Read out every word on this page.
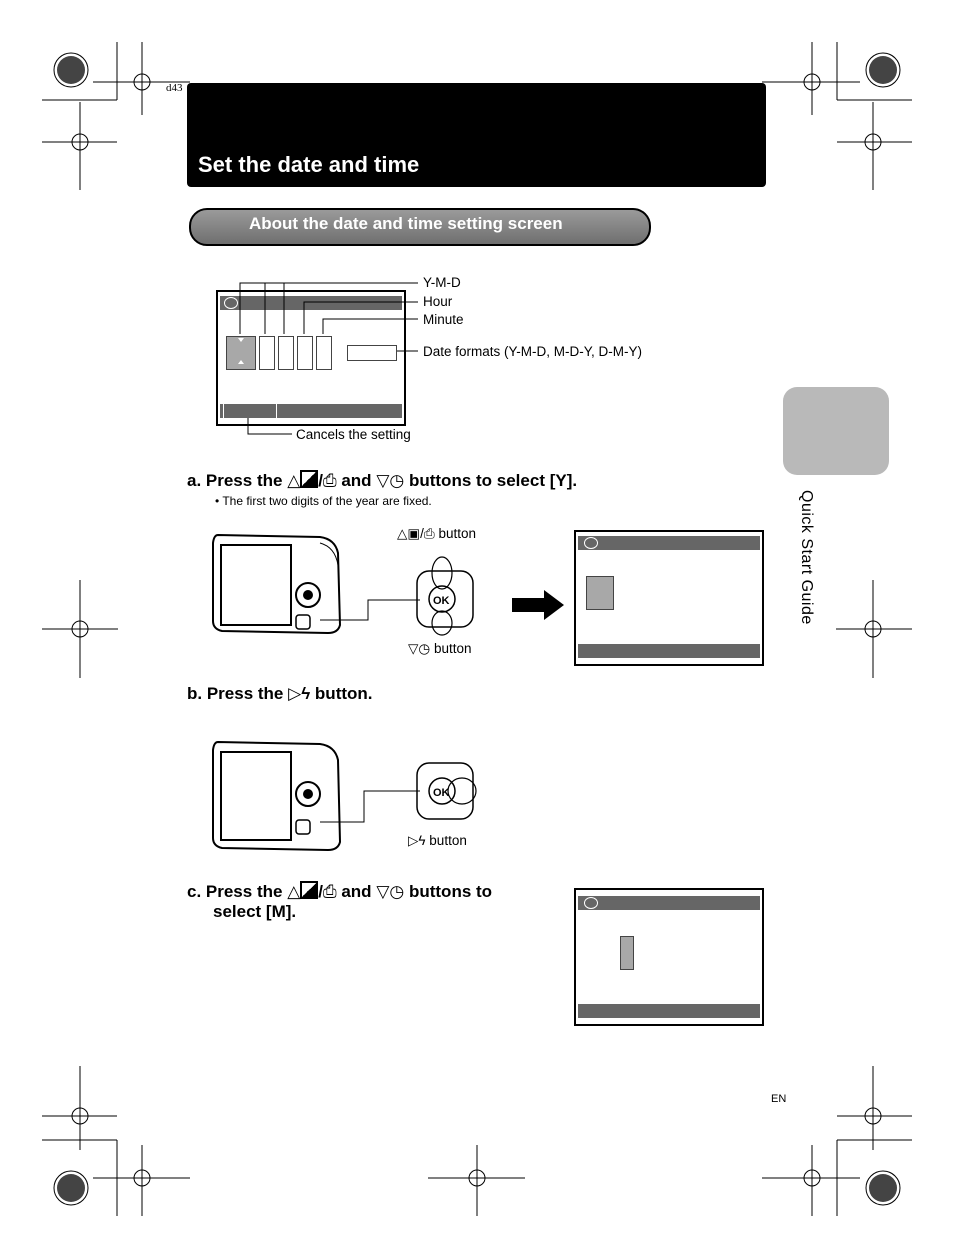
d43
Set the date and time
About the date and time setting screen
Y-M-D
Hour
Minute
Date formats (Y-M-D, M-D-Y, D-M-Y)
Cancels the setting
Quick Start Guide
a. Press the △ /⎙ and ▽◷ buttons to select [Y].
• The first two digits of the year are fixed.
OK
△▣/⎙ button
▽◷ button
b. Press the ▷ϟ button.
OK
▷ϟ button
c. Press the △ /⎙ and ▽◷ buttons to
select [M].
EN
